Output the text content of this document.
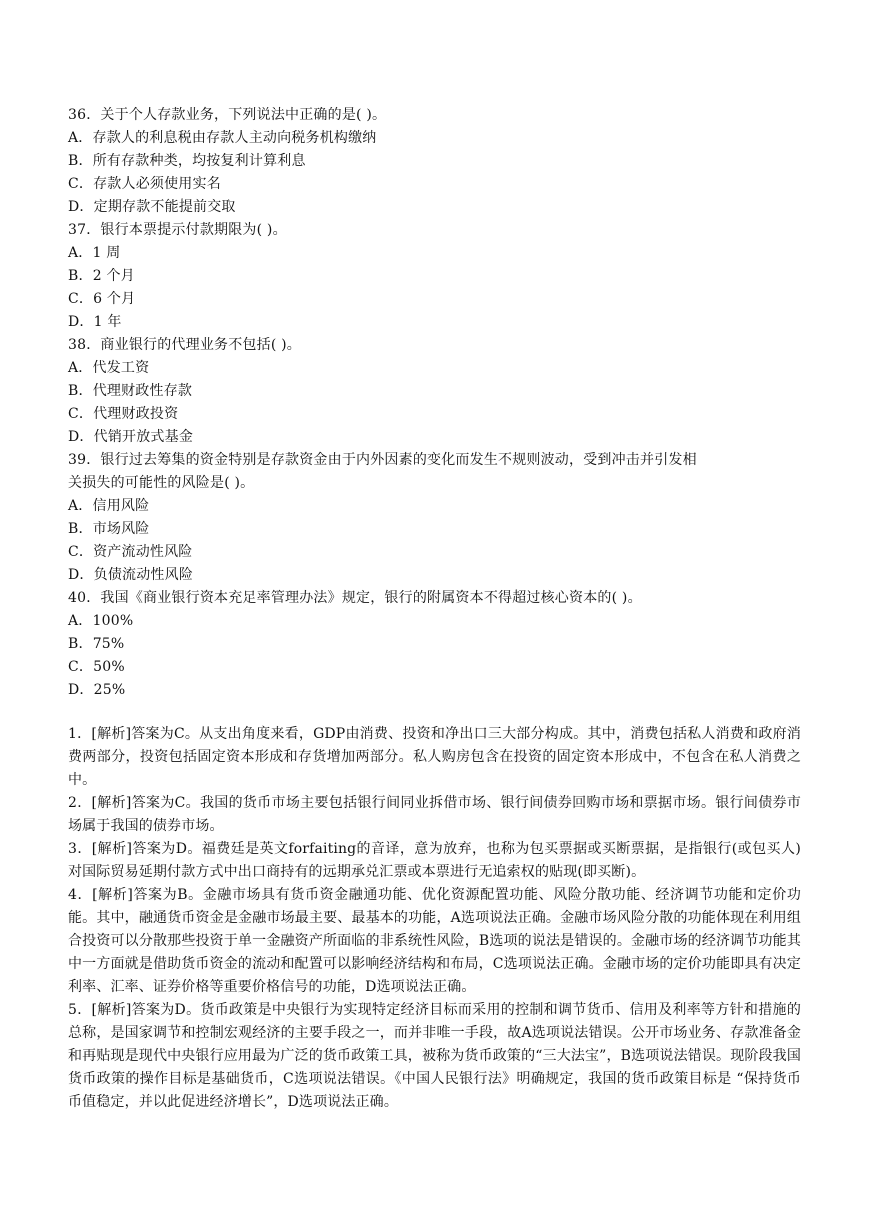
36．关于个人存款业务，下列说法中正确的是( )。
A．存款人的利息税由存款人主动向税务机构缴纳
B．所有存款种类，均按复利计算利息
C．存款人必须使用实名
D．定期存款不能提前交取
37．银行本票提示付款期限为( )。
A．1 周
B．2 个月
C．6 个月
D．1 年
38．商业银行的代理业务不包括( )。
A．代发工资
B．代理财政性存款
C．代理财政投资
D．代销开放式基金
39．银行过去筹集的资金特别是存款资金由于内外因素的变化而发生不规则波动，受到冲击并引发相
关损失的可能性的风险是( )。
A．信用风险
B．市场风险
C．资产流动性风险
D．负债流动性风险
40．我国《商业银行资本充足率管理办法》规定，银行的附属资本不得超过核心资本的( )。
A．100%
B．75%
C．50%
D．25%
1．[解析]答案为C。从支出角度来看，GDP由消费、投资和净出口三大部分构成。其中，消费包括私人消费和政府消费两部分，投资包括固定资本形成和存货增加两部分。私人购房包含在投资的固定资本形成中，不包含在私人消费之中。
2．[解析]答案为C。我国的货币市场主要包括银行间同业拆借市场、银行间债券回购市场和票据市场。银行间债券市场属于我国的债券市场。
3．[解析]答案为D。福费廷是英文forfaiting的音译，意为放弃，也称为包买票据或买断票据，是指银行(或包买人)对国际贸易延期付款方式中出口商持有的远期承兑汇票或本票进行无追索权的贴现(即买断)。
4．[解析]答案为B。金融市场具有货币资金融通功能、优化资源配置功能、风险分散功能、经济调节功能和定价功能。其中，融通货币资金是金融市场最主要、最基本的功能，A选项说法正确。金融市场风险分散的功能体现在利用组合投资可以分散那些投资于单一金融资产所面临的非系统性风险，B选项的说法是错误的。金融市场的经济调节功能其中一方面就是借助货币资金的流动和配置可以影响经济结构和布局，C选项说法正确。金融市场的定价功能即具有决定利率、汇率、证券价格等重要价格信号的功能，D选项说法正确。
5．[解析]答案为D。货币政策是中央银行为实现特定经济目标而采用的控制和调节货币、信用及利率等方针和措施的总称，是国家调节和控制宏观经济的主要手段之一，而并非唯一手段，故A选项说法错误。公开市场业务、存款准备金和再贴现是现代中央银行应用最为广泛的货币政策工具，被称为货币政策的“三大法宝”，B选项说法错误。现阶段我国货币政策的操作目标是基础货币，C选项说法错误。《中国人民银行法》明确规定，我国的货币政策目标是 “保持货币币值稳定，并以此促进经济增长”，D选项说法正确。
